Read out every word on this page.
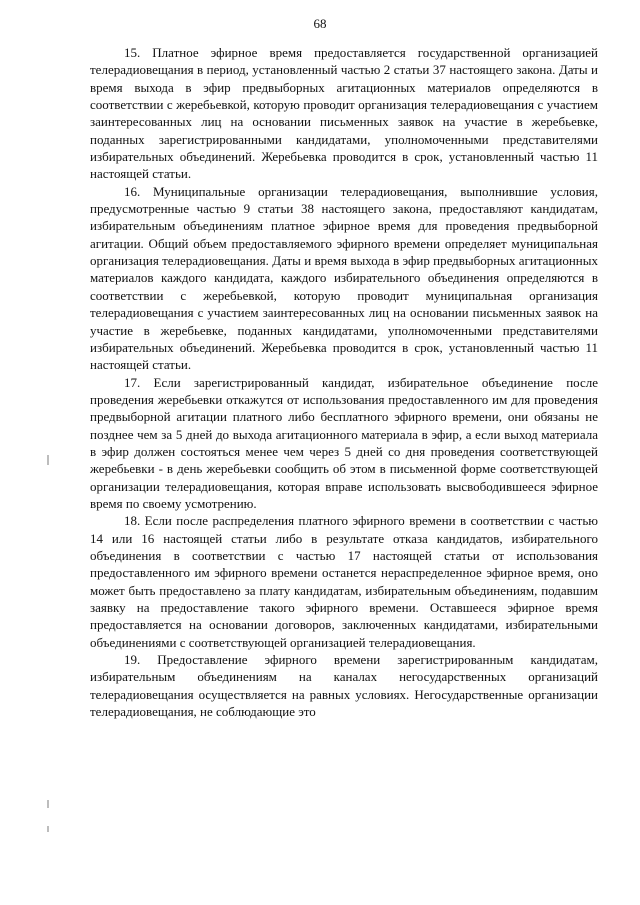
68

15. Платное эфирное время предоставляется государственной организацией телерадиовещания в период, установленный частью 2 статьи 37 настоящего закона. Даты и время выхода в эфир предвыборных агитационных материалов определяются в соответствии с жеребьевкой, которую проводит организация телерадиовещания с участием заинтересованных лиц на основании письменных заявок на участие в жеребьевке, поданных зарегистрированными кандидатами, уполномоченными представителями избирательных объединений. Жеребьевка проводится в срок, установленный частью 11 настоящей статьи.

16. Муниципальные организации телерадиовещания, выполнившие условия, предусмотренные частью 9 статьи 38 настоящего закона, предоставляют кандидатам, избирательным объединениям платное эфирное время для проведения предвыборной агитации. Общий объем предоставляемого эфирного времени определяет муниципальная организация телерадиовещания. Даты и время выхода в эфир предвыборных агитационных материалов каждого кандидата, каждого избирательного объединения определяются в соответствии с жеребьевкой, которую проводит муниципальная организация телерадиовещания с участием заинтересованных лиц на основании письменных заявок на участие в жеребьевке, поданных кандидатами, уполномоченными представителями избирательных объединений. Жеребьевка проводится в срок, установленный частью 11 настоящей статьи.

17. Если зарегистрированный кандидат, избирательное объединение после проведения жеребьевки откажутся от использования предоставленного им для проведения предвыборной агитации платного либо бесплатного эфирного времени, они обязаны не позднее чем за 5 дней до выхода агитационного материала в эфир, а если выход материала в эфир должен состояться менее чем через 5 дней со дня проведения соответствующей жеребьевки - в день жеребьевки сообщить об этом в письменной форме соответствующей организации телерадиовещания, которая вправе использовать высвободившееся эфирное время по своему усмотрению.

18. Если после распределения платного эфирного времени в соответствии с частью 14 или 16 настоящей статьи либо в результате отказа кандидатов, избирательного объединения в соответствии с частью 17 настоящей статьи от использования предоставленного им эфирного времени останется нераспределенное эфирное время, оно может быть предоставлено за плату кандидатам, избирательным объединениям, подавшим заявку на предоставление такого эфирного времени. Оставшееся эфирное время предоставляется на основании договоров, заключенных кандидатами, избирательными объединениями с соответствующей организацией телерадиовещания.

19. Предоставление эфирного времени зарегистрированным кандидатам, избирательным объединениям на каналах негосударственных организаций телерадиовещания осуществляется на равных условиях. Негосударственные организации телерадиовещания, не соблюдающие это
